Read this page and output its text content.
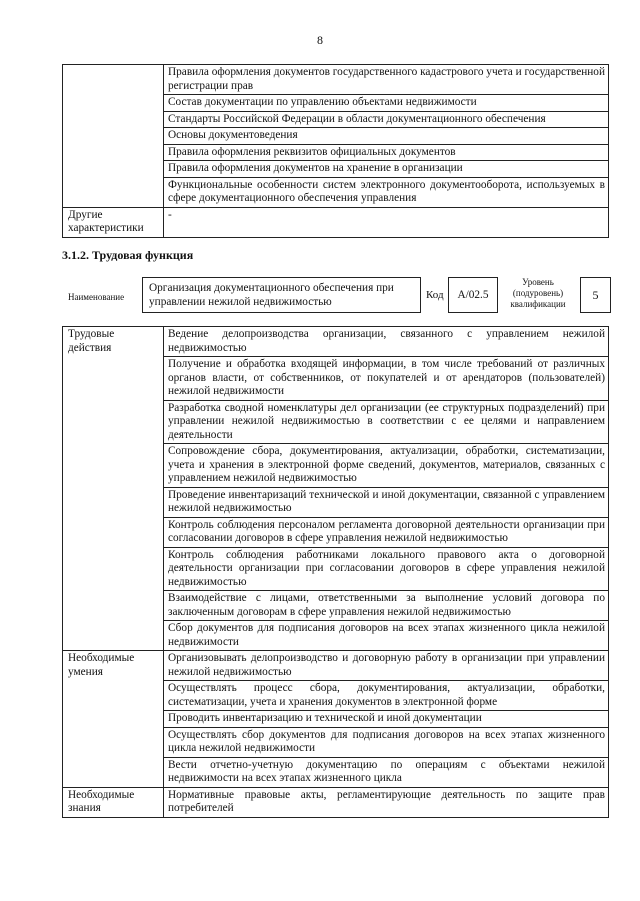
8
	Правила оформления документов государственного кадастрового учета и государственной регистрации прав
	Состав документации по управлению объектами недвижимости
	Стандарты Российской Федерации в области документационного обеспечения
	Основы документоведения
	Правила оформления реквизитов официальных документов
	Правила оформления документов на хранение в организации
	Функциональные особенности систем электронного документооборота, используемых в сфере документационного обеспечения управления
Другие характеристики	-
3.1.2. Трудовая функция
Наименование
Организация документационного обеспечения при управлении нежилой недвижимостью
Код	А/02.5
Уровень (подуровень) квалификации
5
Трудовые действия	Ведение делопроизводства организации, связанного с управлением нежилой недвижимостью
	Получение и обработка входящей информации, в том числе требований от различных органов власти, от собственников, от покупателей и от арендаторов (пользователей) нежилой недвижимости
	Разработка сводной номенклатуры дел организации (ее структурных подразделений) при управлении нежилой недвижимостью в соответствии с ее целями и направлением деятельности
	Сопровождение сбора, документирования, актуализации, обработки, систематизации, учета и хранения в электронной форме сведений, документов, материалов, связанных с управлением нежилой недвижимостью
	Проведение инвентаризаций технической и иной документации, связанной с управлением нежилой недвижимостью
	Контроль соблюдения персоналом регламента договорной деятельности организации при согласовании договоров в сфере управления нежилой недвижимостью
	Контроль соблюдения работниками локального правового акта о договорной деятельности организации при согласовании договоров в сфере управления нежилой недвижимостью
	Взаимодействие с лицами, ответственными за выполнение условий договора по заключенным договорам в сфере управления нежилой недвижимостью
	Сбор документов для подписания договоров на всех этапах жизненного цикла нежилой недвижимости
Необходимые умения	Организовывать делопроизводство и договорную работу в организации при управлении нежилой недвижимостью
	Осуществлять процесс сбора, документирования, актуализации, обработки, систематизации, учета и хранения документов в электронной форме
	Проводить инвентаризацию и технической и иной документации
	Осуществлять сбор документов для подписания договоров на всех этапах жизненного цикла нежилой недвижимости
	Вести отчетно-учетную документацию по операциям с объектами нежилой недвижимости на всех этапах жизненного цикла
Необходимые знания	Нормативные правовые акты, регламентирующие деятельность по защите прав потребителей
